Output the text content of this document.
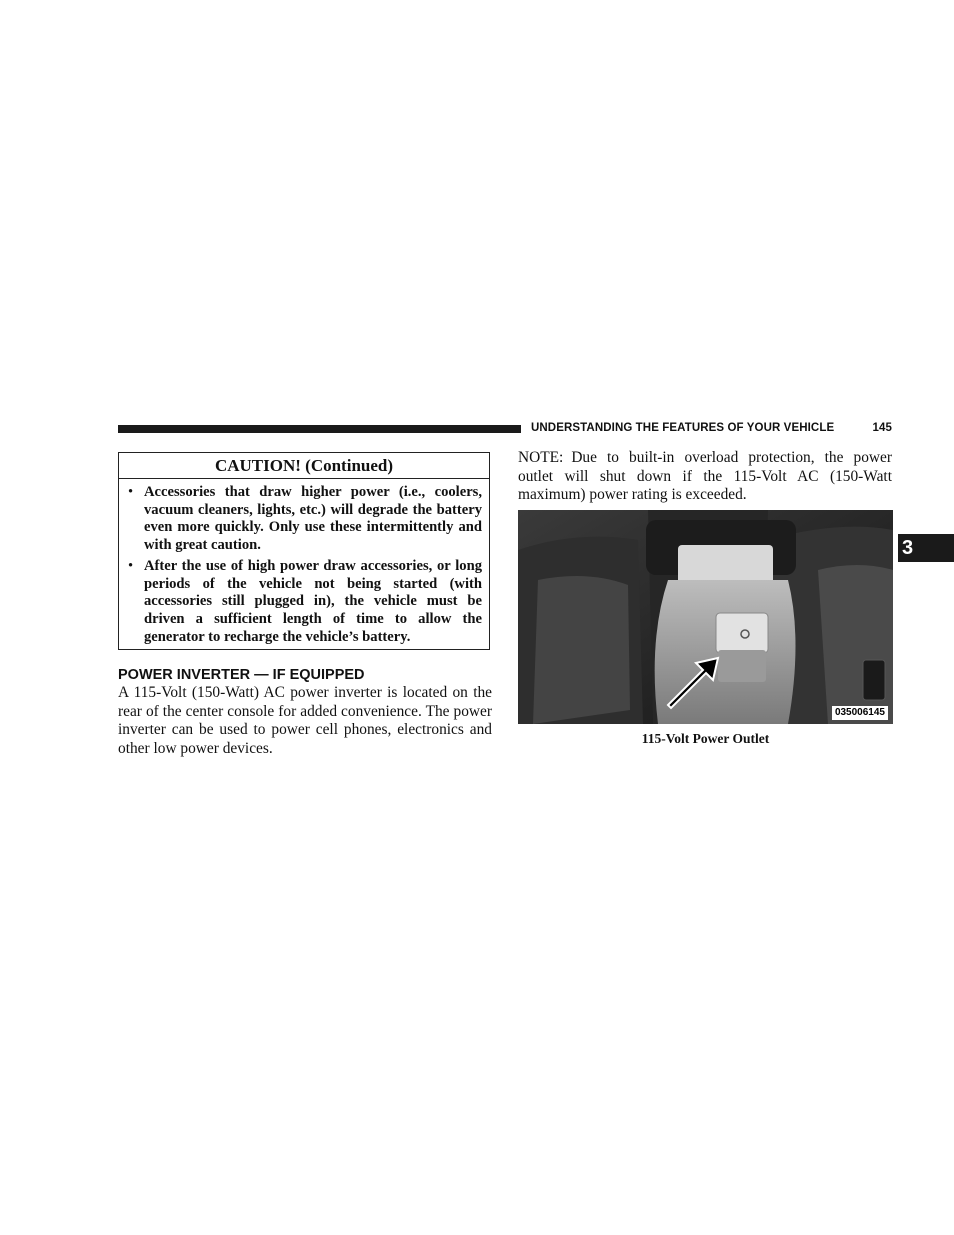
UNDERSTANDING THE FEATURES OF YOUR VEHICLE	145
CAUTION! (Continued)
• Accessories that draw higher power (i.e., coolers, vacuum cleaners, lights, etc.) will degrade the battery even more quickly. Only use these intermittently and with great caution.
• After the use of high power draw accessories, or long periods of the vehicle not being started (with accessories still plugged in), the vehicle must be driven a sufficient length of time to allow the generator to recharge the vehicle’s battery.
POWER INVERTER — IF EQUIPPED
A 115-Volt (150-Watt) AC power inverter is located on the rear of the center console for added convenience. The power inverter can be used to power cell phones, electronics and other low power devices.
NOTE: Due to built-in overload protection, the power outlet will shut down if the 115-Volt AC (150-Watt maximum) power rating is exceeded.
035006145
115-Volt Power Outlet
3
